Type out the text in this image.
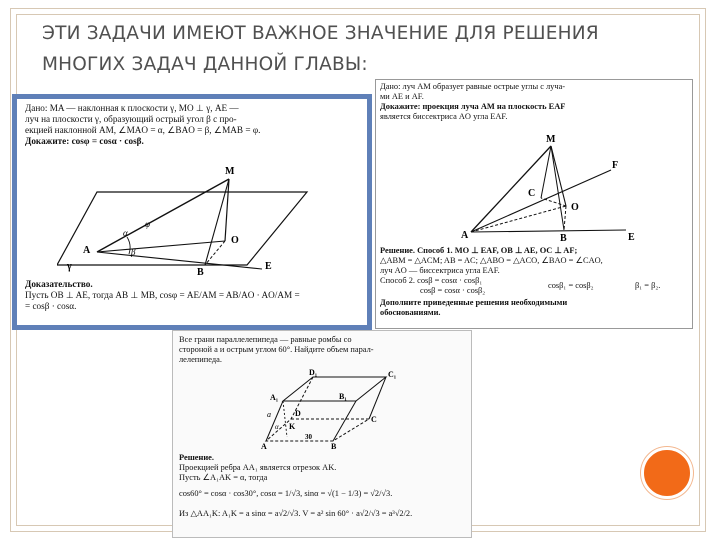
ЭТИ ЗАДАЧИ ИМЕЮТ ВАЖНОЕ ЗНАЧЕНИЕ ДЛЯ РЕШЕНИЯ
МНОГИХ ЗАДАЧ ДАННОЙ ГЛАВЫ:
Дано: MA — наклонная к плоскости γ, MO ⊥ γ, AE —
луч на плоскости γ, образующий острый угол β с про-
екцией наклонной AM, ∠MAO = α, ∠BAO = β, ∠MAB = φ.
Докажите: cosφ = cosα · cosβ.
M
A
O
B
E
γ
α
β
φ
Доказательство.
Пусть OB ⊥ AE, тогда AB ⊥ MB, cosφ = AE/AM = AB/AO · AO/AM =
= cosβ · cosα.
Дано: луч AM образует равные острые углы с луча-
ми AE и AF.
Докажите: проекция луча AM на плоскость EAF
является биссектриса AO угла EAF.
M
F
C
O
A	B	E
Решение. Способ 1. MO ⊥ EAF, OB ⊥ AE, OC ⊥ AF;
△ABM = △ACM; AB = AC; △ABO = △ACO, ∠BAO = ∠CAO,
луч AO — биссектриса угла EAF.
Способ 2. cosβ = cosα · cosβ₁
cosβ = cosα · cosβ₂
cosβ₁ = cosβ₂	β₁ = β₂.
Дополните приведенные решения необходимыми
обоснованиями.
Все грани параллелепипеда — равные ромбы со
стороной a и острым углом 60°. Найдите объем парал-
лелепипеда.
D₁	C₁
A₁	B₁
D
C
K
A	B
a
α
30
Решение.
Проекцией ребра AA₁ является отрезок AK.
Пусть ∠A₁AK = α, тогда
cos60° = cosα · cos30°, cosα = 1/√3, sinα = √(1 − 1/3) = √2/√3.
Из △AA₁K: A₁K = a sinα = a√2/√3. V = a² sin 60° · a√2/√3 = a³√2/2.
